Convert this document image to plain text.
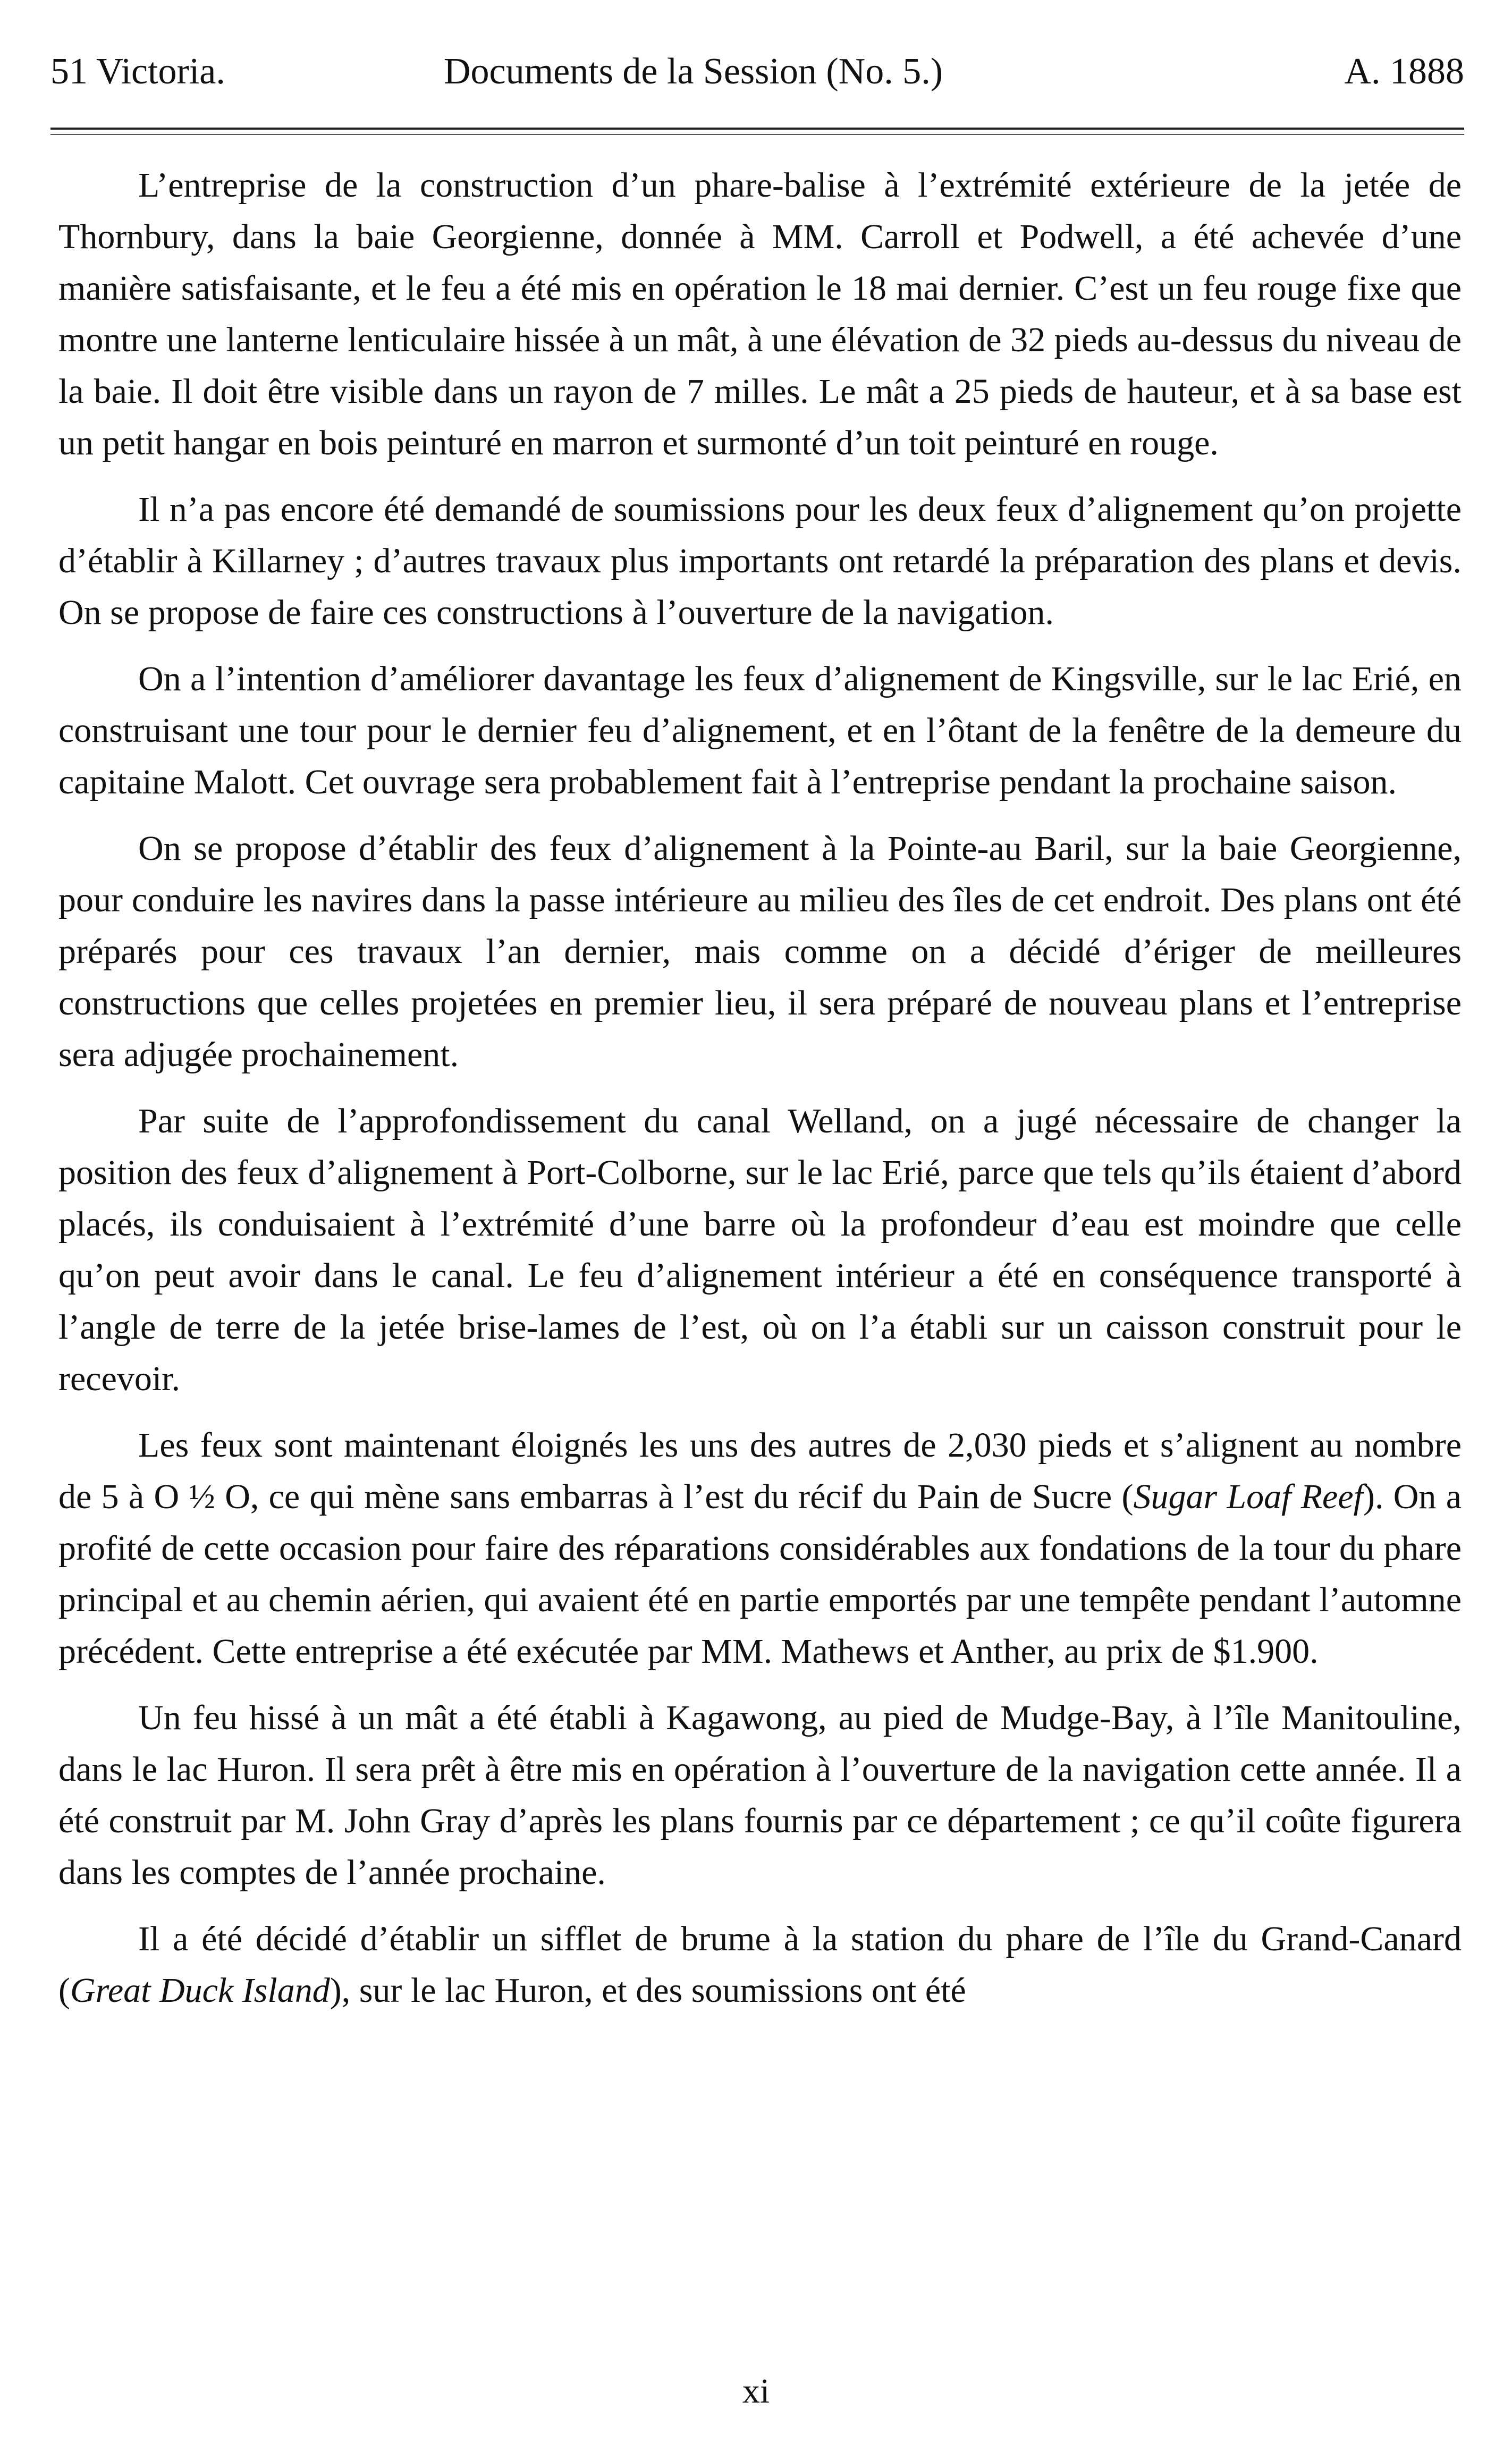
51 Victoria.	Documents de la Session (No. 5.)	A. 1888

L’entreprise de la construction d’un phare-balise à l’extrémité extérieure de la jetée de Thornbury, dans la baie Georgienne, donnée à MM. Carroll et Podwell, a été achevée d’une manière satisfaisante, et le feu a été mis en opération le 18 mai dernier. C’est un feu rouge fixe que montre une lanterne lenticulaire hissée à un mât, à une élévation de 32 pieds au-dessus du niveau de la baie. Il doit être visible dans un rayon de 7 milles. Le mât a 25 pieds de hauteur, et à sa base est un petit hangar en bois peinturé en marron et surmonté d’un toit peinturé en rouge.

Il n’a pas encore été demandé de soumissions pour les deux feux d’alignement qu’on projette d’établir à Killarney ; d’autres travaux plus importants ont retardé la préparation des plans et devis. On se propose de faire ces constructions à l’ouverture de la navigation.

On a l’intention d’améliorer davantage les feux d’alignement de Kingsville, sur le lac Erié, en construisant une tour pour le dernier feu d’alignement, et en l’ôtant de la fenêtre de la demeure du capitaine Malott. Cet ouvrage sera probablement fait à l’entreprise pendant la prochaine saison.

On se propose d’établir des feux d’alignement à la Pointe-au Baril, sur la baie Georgienne, pour conduire les navires dans la passe intérieure au milieu des îles de cet endroit. Des plans ont été préparés pour ces travaux l’an dernier, mais comme on a décidé d’ériger de meilleures constructions que celles projetées en premier lieu, il sera préparé de nouveau plans et l’entreprise sera adjugée prochainement.

Par suite de l’approfondissement du canal Welland, on a jugé nécessaire de changer la position des feux d’alignement à Port-Colborne, sur le lac Erié, parce que tels qu’ils étaient d’abord placés, ils conduisaient à l’extrémité d’une barre où la profondeur d’eau est moindre que celle qu’on peut avoir dans le canal. Le feu d’alignement intérieur a été en conséquence transporté à l’angle de terre de la jetée brise-lames de l’est, où on l’a établi sur un caisson construit pour le recevoir.

Les feux sont maintenant éloignés les uns des autres de 2,030 pieds et s’alignent au nombre de 5 à O ½ O, ce qui mène sans embarras à l’est du récif du Pain de Sucre (Sugar Loaf Reef). On a profité de cette occasion pour faire des réparations considérables aux fondations de la tour du phare principal et au chemin aérien, qui avaient été en partie emportés par une tempête pendant l’automne précédent. Cette entreprise a été exécutée par MM. Mathews et Anther, au prix de $1.900.

Un feu hissé à un mât a été établi à Kagawong, au pied de Mudge-Bay, à l’île Manitouline, dans le lac Huron. Il sera prêt à être mis en opération à l’ouverture de la navigation cette année. Il a été construit par M. John Gray d’après les plans fournis par ce département ; ce qu’il coûte figurera dans les comptes de l’année prochaine.

Il a été décidé d’établir un sifflet de brume à la station du phare de l’île du Grand-Canard (Great Duck Island), sur le lac Huron, et des soumissions ont été

xi
